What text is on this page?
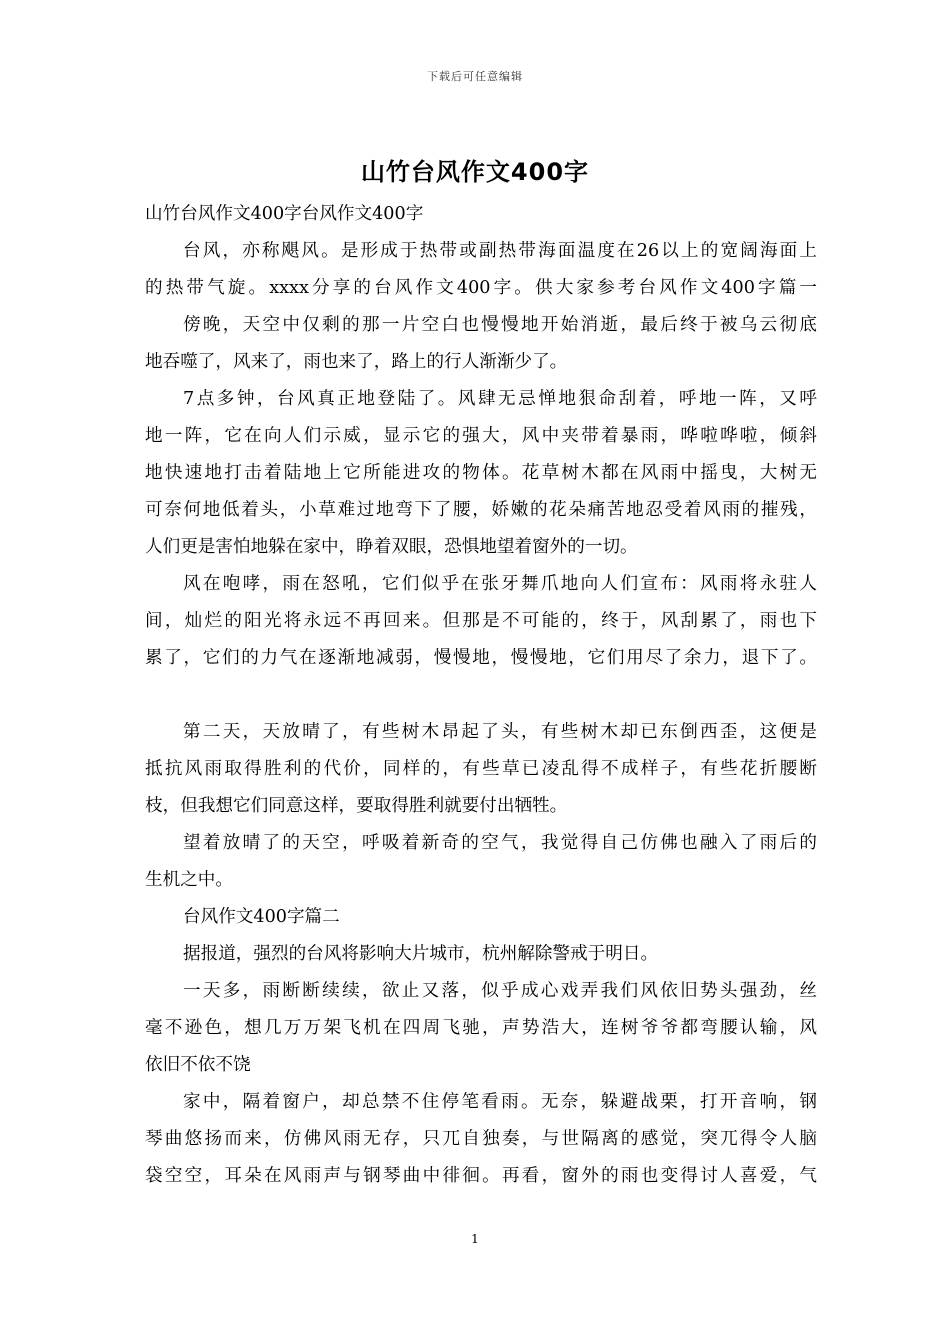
下载后可任意编辑
山竹台风作文400字
山竹台风作文400字台风作文400字
台风，亦称飓风。是形成于热带或副热带海面温度在26以上的宽阔海面上
的热带气旋。xxxx分享的台风作文400字。供大家参考台风作文400字篇一
傍晚，天空中仅剩的那一片空白也慢慢地开始消逝，最后终于被乌云彻底
地吞噬了，风来了，雨也来了，路上的行人渐渐少了。
7点多钟，台风真正地登陆了。风肆无忌惮地狠命刮着，呼地一阵，又呼
地一阵，它在向人们示威，显示它的强大，风中夹带着暴雨，哗啦哗啦，倾斜
地快速地打击着陆地上它所能进攻的物体。花草树木都在风雨中摇曳，大树无
可奈何地低着头，小草难过地弯下了腰，娇嫩的花朵痛苦地忍受着风雨的摧残，
人们更是害怕地躲在家中，睁着双眼，恐惧地望着窗外的一切。
风在咆哮，雨在怒吼，它们似乎在张牙舞爪地向人们宣布：风雨将永驻人
间，灿烂的阳光将永远不再回来。但那是不可能的，终于，风刮累了，雨也下
累了，它们的力气在逐渐地减弱，慢慢地，慢慢地，它们用尽了余力，退下了。
第二天，天放晴了，有些树木昂起了头，有些树木却已东倒西歪，这便是
抵抗风雨取得胜利的代价，同样的，有些草已凌乱得不成样子，有些花折腰断
枝，但我想它们同意这样，要取得胜利就要付出牺牲。
望着放晴了的天空，呼吸着新奇的空气，我觉得自己仿佛也融入了雨后的
生机之中。
台风作文400字篇二
据报道，强烈的台风将影响大片城市，杭州解除警戒于明日。
一天多，雨断断续续，欲止又落，似乎成心戏弄我们风依旧势头强劲，丝
毫不逊色，想几万万架飞机在四周飞驰，声势浩大，连树爷爷都弯腰认输，风
依旧不依不饶
家中，隔着窗户，却总禁不住停笔看雨。无奈，躲避战栗，打开音响，钢
琴曲悠扬而来，仿佛风雨无存，只兀自独奏，与世隔离的感觉，突兀得令人脑
袋空空，耳朵在风雨声与钢琴曲中徘徊。再看，窗外的雨也变得讨人喜爱，气
1
